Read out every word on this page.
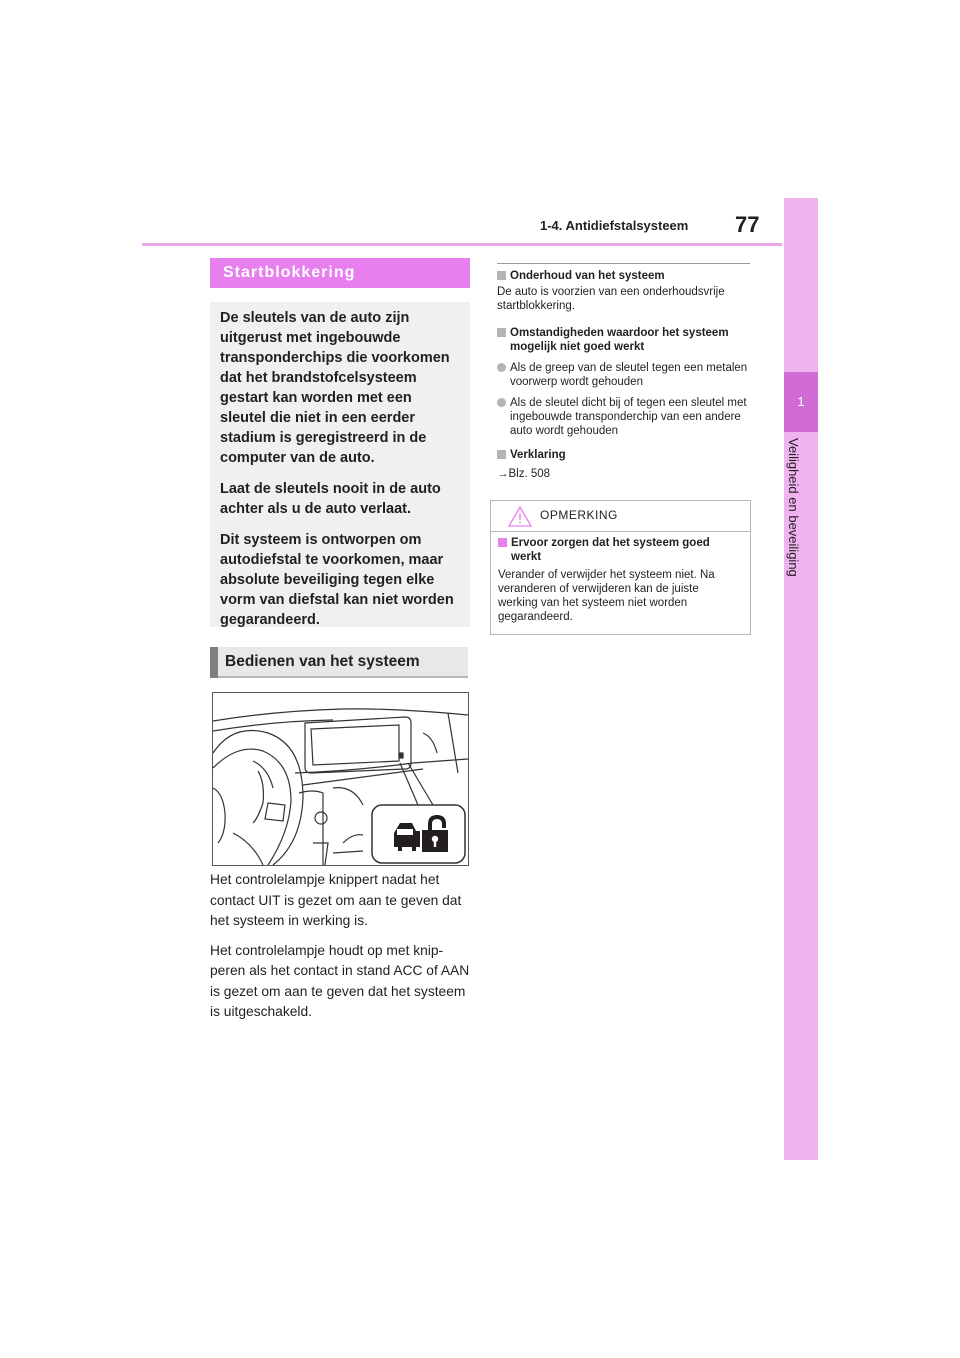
1-4. Antidiefstalsysteem 77
1
Veiligheid en beveiliging
Startblokkering

De sleutels van de auto zijn uitgerust met ingebouwde transponderchips die voorkomen dat het brandstofcelsysteem gestart kan worden met een sleutel die niet in een eerder stadium is geregistreerd in de computer van de auto.

Laat de sleutels nooit in de auto achter als u de auto verlaat.

Dit systeem is ontworpen om autodiefstal te voorkomen, maar absolute beveiliging tegen elke vorm van diefstal kan niet worden gegarandeerd.

Bedienen van het systeem

Het controlelampje knippert nadat het contact UIT is gezet om aan te geven dat het systeem in werking is.

Het controlelampje houdt op met knip-peren als het contact in stand ACC of AAN is gezet om aan te geven dat het systeem is uitgeschakeld.

Onderhoud van het systeem
De auto is voorzien van een onderhoudsvrije startblokkering.
Omstandigheden waardoor het systeem mogelijk niet goed werkt
Als de greep van de sleutel tegen een metalen voorwerp wordt gehouden
Als de sleutel dicht bij of tegen een sleutel met ingebouwde transponderchip van een andere auto wordt gehouden
Verklaring
→Blz. 508
OPMERKING
Ervoor zorgen dat het systeem goed werkt
Verander of verwijder het systeem niet. Na veranderen of verwijderen kan de juiste werking van het systeem niet worden gegarandeerd.
